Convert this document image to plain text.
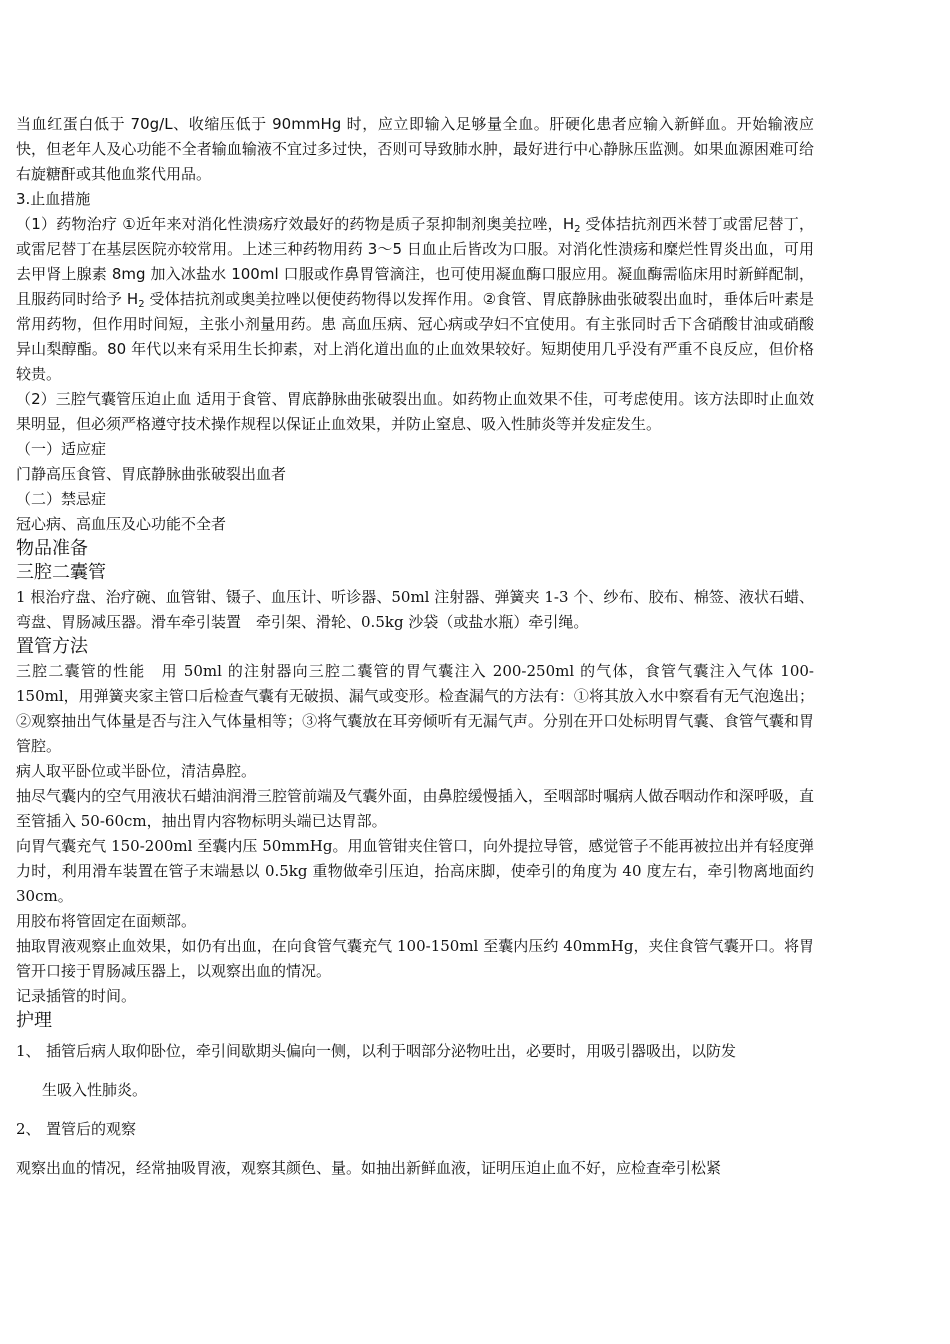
当血红蛋白低于 70g/L、收缩压低于 90mmHg 时，应立即输入足够量全血。肝硬化患者应输入新鲜血。开始输液应快，但老年人及心功能不全者输血输液不宜过多过快，否则可导致肺水肿，最好进行中心静脉压监测。如果血源困难可给右旋糖酐或其他血浆代用品。

3.止血措施

（1）药物治疗 ①近年来对消化性溃疡疗效最好的药物是质子泵抑制剂奥美拉唑，$H_2$ 受体拮抗剂西米替丁或雷尼替丁，或雷尼替丁在基层医院亦较常用。上述三种药物用药 3～5 日血止后皆改为口服。对消化性溃疡和糜烂性胃炎出血，可用去甲肾上腺素 8mg 加入冰盐水 100ml 口服或作鼻胃管滴注，也可使用凝血酶口服应用。凝血酶需临床用时新鲜配制，且服药同时给予 $H_2$ 受体拮抗剂或奥美拉唑以便使药物得以发挥作用。②食管、胃底静脉曲张破裂出血时，垂体后叶素是常用药物，但作用时间短，主张小剂量用药。患 高血压病、冠心病或孕妇不宜使用。有主张同时舌下含硝酸甘油或硝酸异山梨醇酯。80 年代以来有采用生长抑素，对上消化道出血的止血效果较好。短期使用几乎没有严重不良反应，但价格较贵。

（2）三腔气囊管压迫止血 适用于食管、胃底静脉曲张破裂出血。如药物止血效果不佳，可考虑使用。该方法即时止血效果明显，但必须严格遵守技术操作规程以保证止血效果，并防止窒息、吸入性肺炎等并发症发生。

（一）适应症

门静高压食管、胃底静脉曲张破裂出血者

（二）禁忌症

冠心病、高血压及心功能不全者

物品准备

三腔二囊管

1 根治疗盘、治疗碗、血管钳、镊子、血压计、听诊器、50ml 注射器、弹簧夹 1-3 个、纱布、胶布、棉签、液状石蜡、弯盘、胃肠减压器。滑车牵引装置　牵引架、滑轮、0.5kg 沙袋（或盐水瓶）牵引绳。

置管方法

三腔二囊管的性能　用 50ml 的注射器向三腔二囊管的胃气囊注入 200-250ml 的气体，食管气囊注入气体 100-150ml，用弹簧夹家主管口后检查气囊有无破损、漏气或变形。检查漏气的方法有：①将其放入水中察看有无气泡逸出；②观察抽出气体量是否与注入气体量相等；③将气囊放在耳旁倾听有无漏气声。分别在开口处标明胃气囊、食管气囊和胃管腔。

病人取平卧位或半卧位，清洁鼻腔。

抽尽气囊内的空气用液状石蜡油润滑三腔管前端及气囊外面，由鼻腔缓慢插入，至咽部时嘱病人做吞咽动作和深呼吸，直至管插入 50-60cm，抽出胃内容物标明头端已达胃部。

向胃气囊充气 150-200ml 至囊内压 50mmHg。用血管钳夹住管口，向外提拉导管，感觉管子不能再被拉出并有轻度弹力时，利用滑车装置在管子末端悬以 0.5kg 重物做牵引压迫，抬高床脚，使牵引的角度为 40 度左右，牵引物离地面约 30cm。

用胶布将管固定在面颊部。

抽取胃液观察止血效果，如仍有出血，在向食管气囊充气 100-150ml 至囊内压约 40mmHg，夹住食管气囊开口。将胃管开口接于胃肠减压器上，以观察出血的情况。

记录插管的时间。

护理

1、 插管后病人取仰卧位，牵引间歇期头偏向一侧，以利于咽部分泌物吐出，必要时，用吸引器吸出，以防发

生吸入性肺炎。

2、 置管后的观察

观察出血的情况，经常抽吸胃液，观察其颜色、量。如抽出新鲜血液，证明压迫止血不好，应检查牵引松紧
